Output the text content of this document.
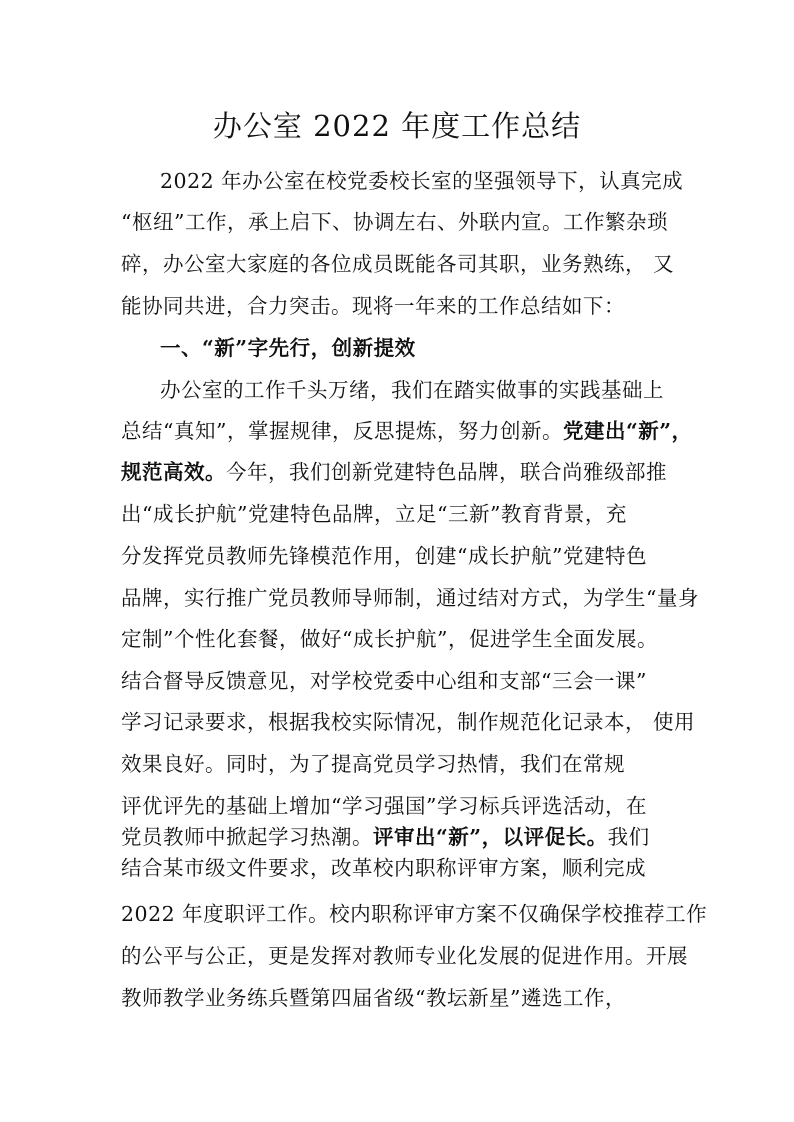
办公室 2022 年度工作总结
2022 年办公室在校党委校长室的坚强领导下，认真完成
“枢纽”工作，承上启下、协调左右、外联内宣。工作繁杂琐
碎，办公室大家庭的各位成员既能各司其职，业务熟练， 又
能协同共进，合力突击。现将一年来的工作总结如下：
一、“新”字先行，创新提效
办公室的工作千头万绪，我们在踏实做事的实践基础上
总结“真知”，掌握规律，反思提炼，努力创新。党建出“新”，
规范高效。今年，我们创新党建特色品牌，联合尚雅级部推
出“成长护航”党建特色品牌，立足“三新”教育背景，充
分发挥党员教师先锋模范作用，创建“成长护航”党建特色
品牌，实行推广党员教师导师制，通过结对方式，为学生“量身
定制”个性化套餐，做好“成长护航”，促进学生全面发展。
结合督导反馈意见，对学校党委中心组和支部“三会一课”
学习记录要求，根据我校实际情况，制作规范化记录本， 使用
效果良好。同时，为了提高党员学习热情，我们在常规
评优评先的基础上增加“学习强国”学习标兵评选活动，在
党员教师中掀起学习热潮。评审出“新”，以评促长。我们
结合某市级文件要求，改革校内职称评审方案，顺利完成
2022 年度职评工作。校内职称评审方案不仅确保学校推荐工作
的公平与公正，更是发挥对教师专业化发展的促进作用。开展
教师教学业务练兵暨第四届省级“教坛新星”遴选工作，
